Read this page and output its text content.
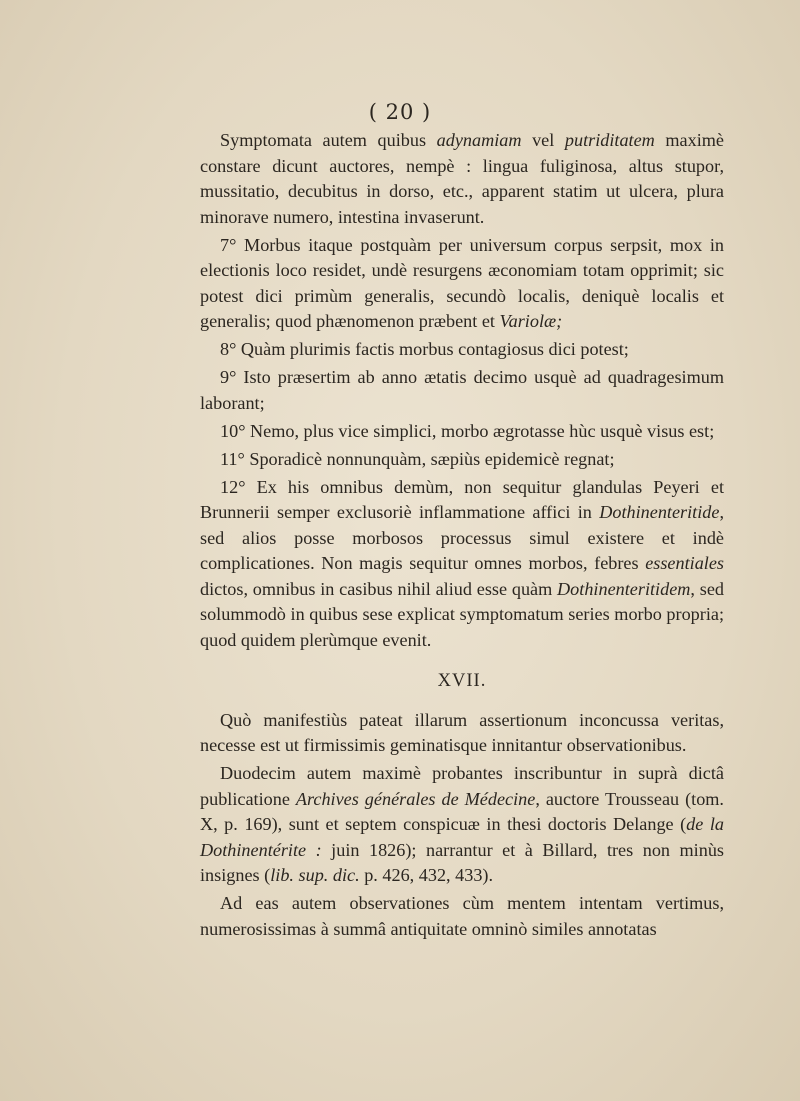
( 20 )

Symptomata autem quibus adynamiam vel putriditatem maximè constare dicunt auctores, nempè : lingua fuliginosa, altus stupor, mussitatio, decubitus in dorso, etc., apparent statim ut ulcera, plura minorave numero, intestina invaserunt.

7° Morbus itaque postquàm per universum corpus serpsit, mox in electionis loco residet, undè resurgens æconomiam totam opprimit; sic potest dici primùm generalis, secundò localis, deniquè localis et generalis; quod phænomenon præbent et Variolæ;

8° Quàm plurimis factis morbus contagiosus dici potest;

9° Isto præsertim ab anno ætatis decimo usquè ad quadragesimum laborant;

10° Nemo, plus vice simplici, morbo ægrotasse hùc usquè visus est;

11° Sporadicè nonnunquàm, sæpiùs epidemicè regnat;

12° Ex his omnibus demùm, non sequitur glandulas Peyeri et Brunnerii semper exclusoriè inflammatione affici in Dothinenteritide, sed alios posse morbosos processus simul existere et indè complicationes. Non magis sequitur omnes morbos, febres essentiales dictos, omnibus in casibus nihil aliud esse quàm Dothinenteritidem, sed solummodò in quibus sese explicat symptomatum series morbo propria; quod quidem plerùmque evenit.

XVII.

Quò manifestiùs pateat illarum assertionum inconcussa veritas, necesse est ut firmissimis geminatisque innitantur observationibus.

Duodecim autem maximè probantes inscribuntur in suprà dictâ publicatione Archives générales de Médecine, auctore Trousseau (tom. X, p. 169), sunt et septem conspicuæ in thesi doctoris Delange (de la Dothinentérite : juin 1826); narrantur et à Billard, tres non minùs insignes (lib. sup. dic. p. 426, 432, 433).

Ad eas autem observationes cùm mentem intentam vertimus, numerosissimas à summâ antiquitate omninò similes annotatas
